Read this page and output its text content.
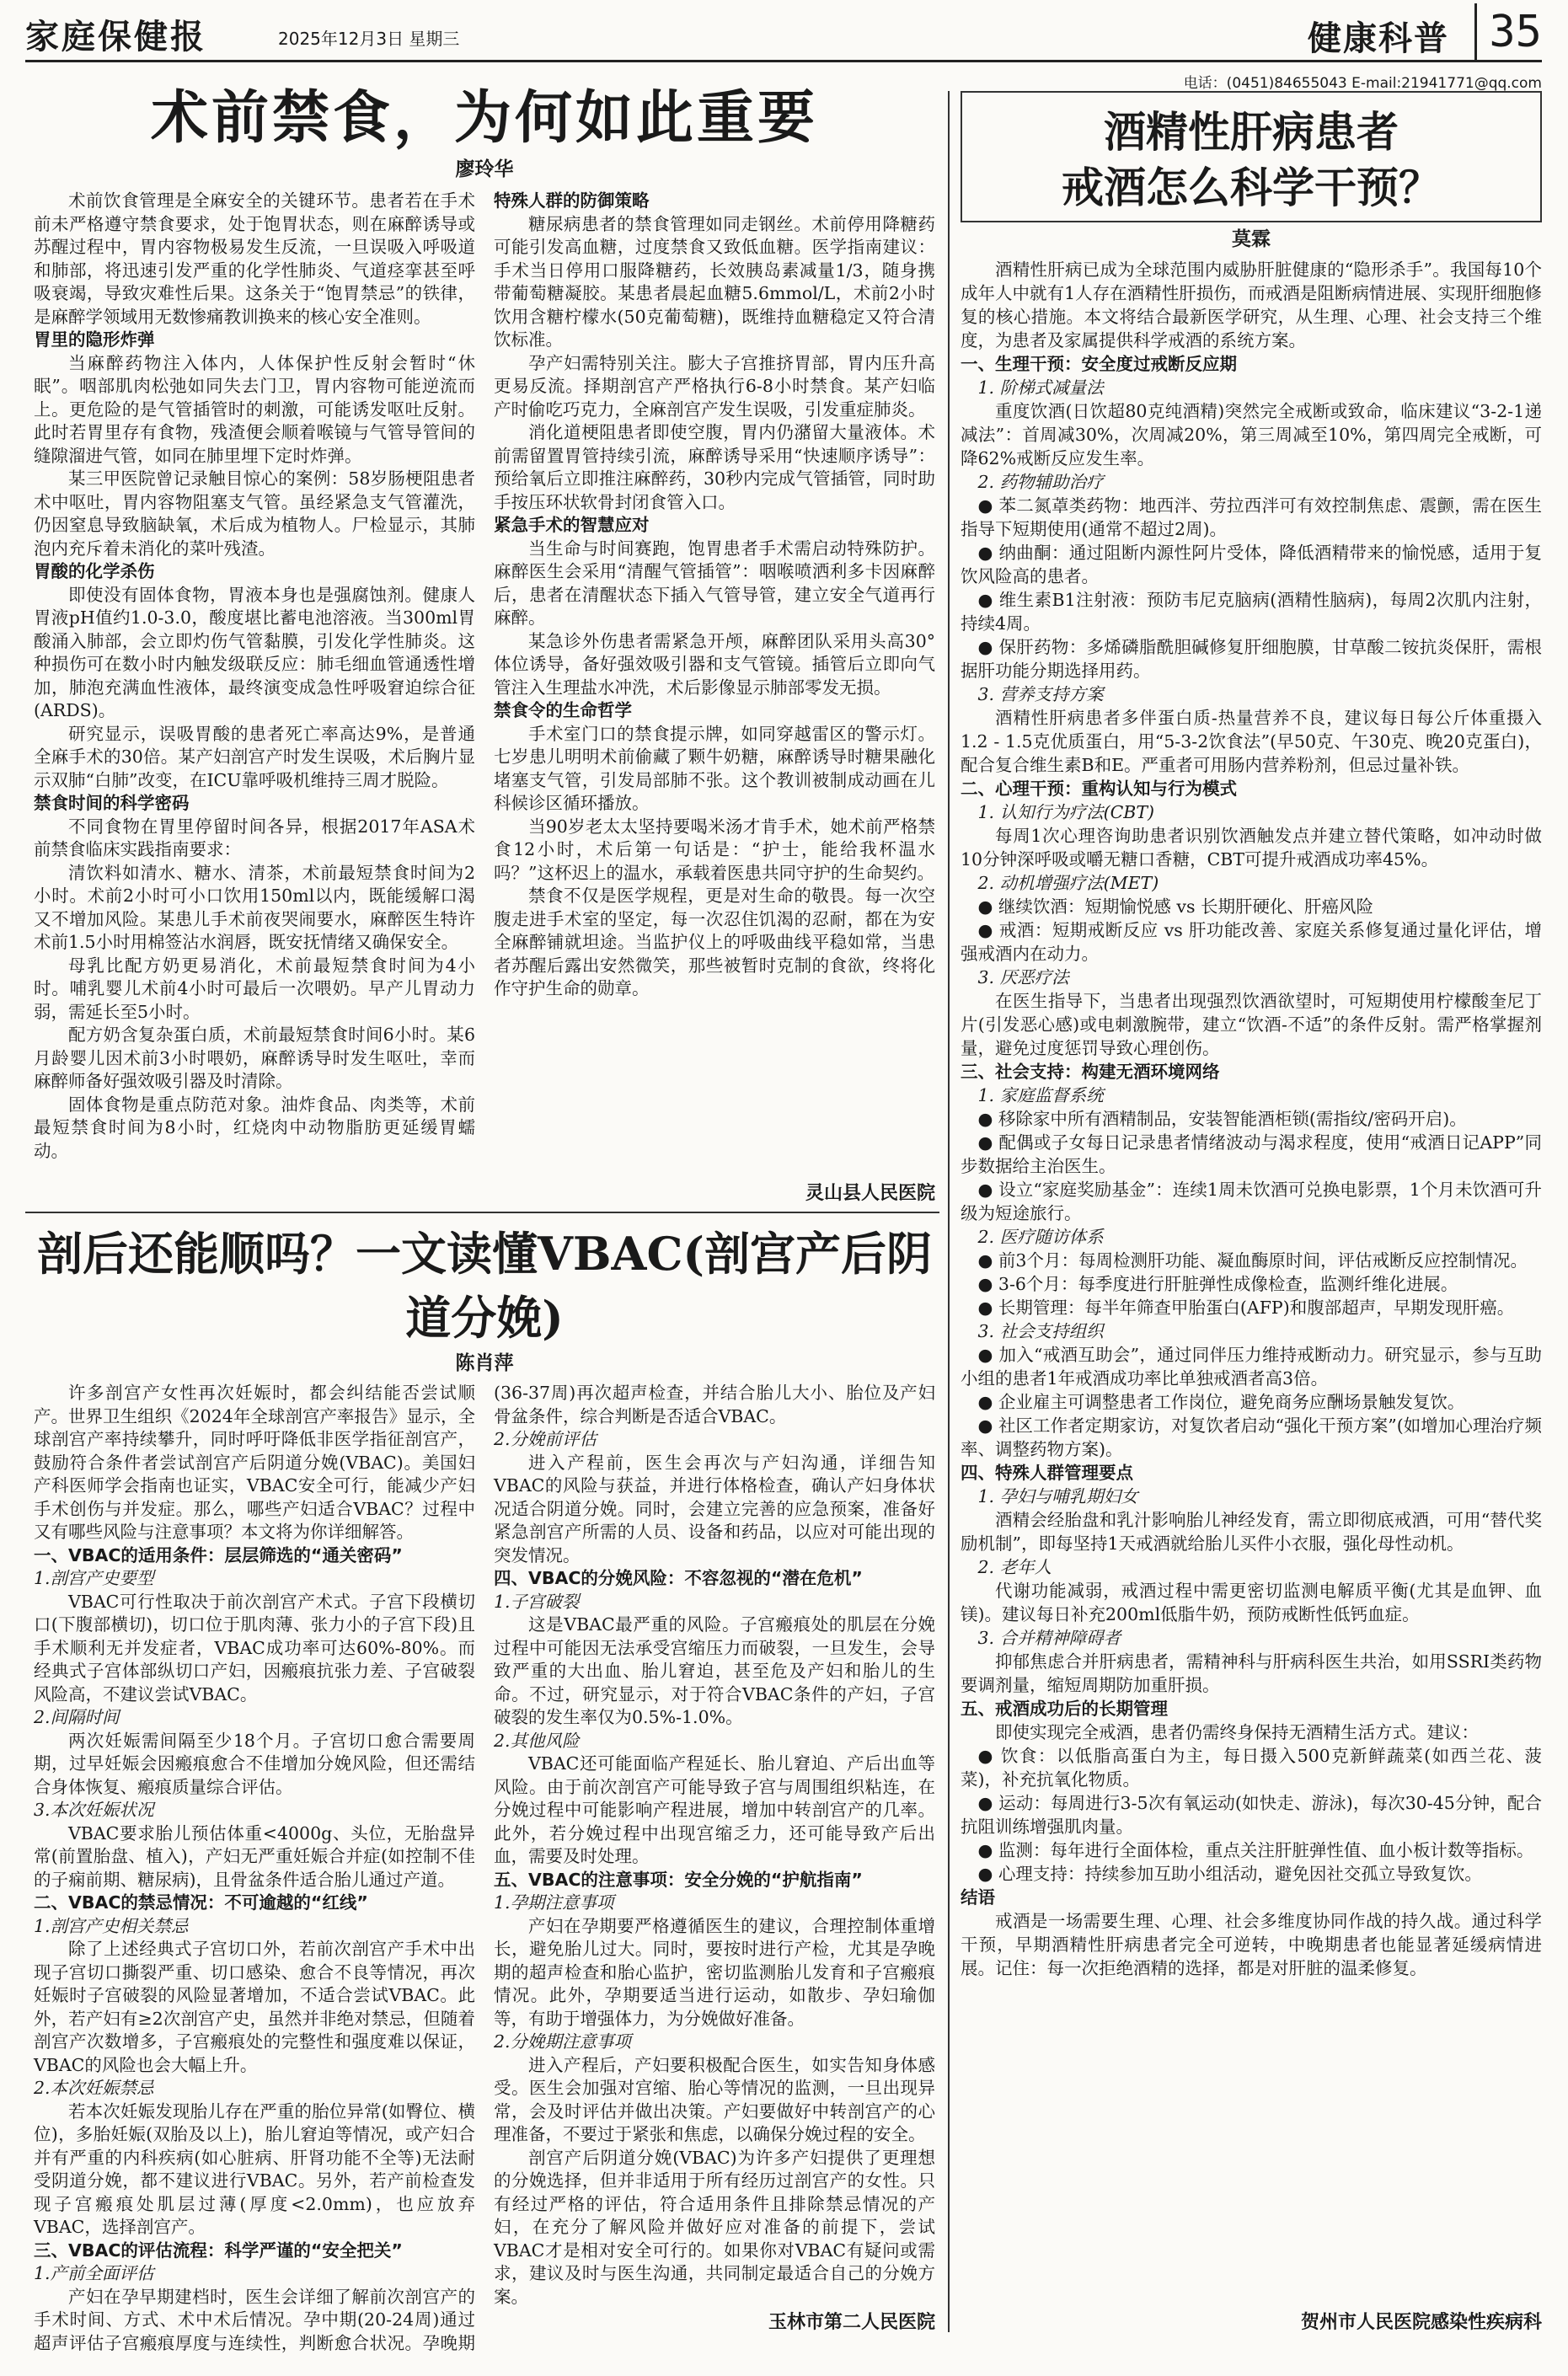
家庭保健报	2025年12月3日 星期三	健康科普 35
电话：(0451)84655043 E-mail:21941771@qq.com
术前禁食，为何如此重要
廖玲华

术前饮食管理是全麻安全的关键环节。患者若在手术前未严格遵守禁食要求，处于饱胃状态，则在麻醉诱导或苏醒过程中，胃内容物极易发生反流，一旦误吸入呼吸道和肺部，将迅速引发严重的化学性肺炎、气道痉挛甚至呼吸衰竭，导致灾难性后果。这条关于“饱胃禁忌”的铁律，是麻醉学领域用无数惨痛教训换来的核心安全准则。

胃里的隐形炸弹

当麻醉药物注入体内，人体保护性反射会暂时“休眠”。咽部肌肉松弛如同失去门卫，胃内容物可能逆流而上。更危险的是气管插管时的刺激，可能诱发呕吐反射。此时若胃里存有食物，残渣便会顺着喉镜与气管导管间的缝隙溜进气管，如同在肺里埋下定时炸弹。

某三甲医院曾记录触目惊心的案例：58岁肠梗阻患者术中呕吐，胃内容物阻塞支气管。虽经紧急支气管灌洗，仍因窒息导致脑缺氧，术后成为植物人。尸检显示，其肺泡内充斥着未消化的菜叶残渣。

胃酸的化学杀伤

即使没有固体食物，胃液本身也是强腐蚀剂。健康人胃液pH值约1.0-3.0，酸度堪比蓄电池溶液。当300ml胃酸涌入肺部，会立即灼伤气管黏膜，引发化学性肺炎。这种损伤可在数小时内触发级联反应：肺毛细血管通透性增加，肺泡充满血性液体，最终演变成急性呼吸窘迫综合征(ARDS)。

研究显示，误吸胃酸的患者死亡率高达9%，是普通全麻手术的30倍。某产妇剖宫产时发生误吸，术后胸片显示双肺“白肺”改变，在ICU靠呼吸机维持三周才脱险。

禁食时间的科学密码

不同食物在胃里停留时间各异，根据2017年ASA术前禁食临床实践指南要求：

清饮料如清水、糖水、清茶，术前最短禁食时间为2小时。术前2小时可小口饮用150ml以内，既能缓解口渴又不增加风险。某患儿手术前夜哭闹要水，麻醉医生特许术前1.5小时用棉签沾水润唇，既安抚情绪又确保安全。

母乳比配方奶更易消化，术前最短禁食时间为4小时。哺乳婴儿术前4小时可最后一次喂奶。早产儿胃动力弱，需延长至5小时。

配方奶含复杂蛋白质，术前最短禁食时间6小时。某6月龄婴儿因术前3小时喂奶，麻醉诱导时发生呕吐，幸而麻醉师备好强效吸引器及时清除。

固体食物是重点防范对象。油炸食品、肉类等，术前最短禁食时间为8小时，红烧肉中动物脂肪更延缓胃蠕动。

特殊人群的防御策略

糖尿病患者的禁食管理如同走钢丝。术前停用降糖药可能引发高血糖，过度禁食又致低血糖。医学指南建议：手术当日停用口服降糖药，长效胰岛素减量1/3，随身携带葡萄糖凝胶。某患者晨起血糖5.6mmol/L，术前2小时饮用含糖柠檬水(50克葡萄糖)，既维持血糖稳定又符合清饮标准。

孕产妇需特别关注。膨大子宫推挤胃部，胃内压升高更易反流。择期剖宫产严格执行6-8小时禁食。某产妇临产时偷吃巧克力，全麻剖宫产发生误吸，引发重症肺炎。

消化道梗阻患者即使空腹，胃内仍潴留大量液体。术前需留置胃管持续引流，麻醉诱导采用“快速顺序诱导”：预给氧后立即推注麻醉药，30秒内完成气管插管，同时助手按压环状软骨封闭食管入口。

紧急手术的智慧应对

当生命与时间赛跑，饱胃患者手术需启动特殊防护。麻醉医生会采用“清醒气管插管”：咽喉喷洒利多卡因麻醉后，患者在清醒状态下插入气管导管，建立安全气道再行麻醉。

某急诊外伤患者需紧急开颅，麻醉团队采用头高30°体位诱导，备好强效吸引器和支气管镜。插管后立即向气管注入生理盐水冲洗，术后影像显示肺部零发无损。

禁食令的生命哲学

手术室门口的禁食提示牌，如同穿越雷区的警示灯。七岁患儿明明术前偷藏了颗牛奶糖，麻醉诱导时糖果融化堵塞支气管，引发局部肺不张。这个教训被制成动画在儿科候诊区循环播放。

当90岁老太太坚持要喝米汤才肯手术，她术前严格禁食12小时，术后第一句话是：“护士，能给我杯温水吗？”这杯迟上的温水，承载着医患共同守护的生命契约。

禁食不仅是医学规程，更是对生命的敬畏。每一次空腹走进手术室的坚定，每一次忍住饥渴的忍耐，都在为安全麻醉铺就坦途。当监护仪上的呼吸曲线平稳如常，当患者苏醒后露出安然微笑，那些被暂时克制的食欲，终将化作守护生命的勋章。

灵山县人民医院
剖后还能顺吗？一文读懂VBAC(剖宫产后阴道分娩)
陈肖萍

许多剖宫产女性再次妊娠时，都会纠结能否尝试顺产。世界卫生组织《2024年全球剖宫产率报告》显示，全球剖宫产率持续攀升，同时呼吁降低非医学指征剖宫产，鼓励符合条件者尝试剖宫产后阴道分娩(VBAC)。美国妇产科医师学会指南也证实，VBAC安全可行，能减少产妇手术创伤与并发症。那么，哪些产妇适合VBAC？过程中又有哪些风险与注意事项？本文将为你详细解答。

一、VBAC的适用条件：层层筛选的“通关密码”

1.剖宫产史要型

VBAC可行性取决于前次剖宫产术式。子宫下段横切口(下腹部横切)，切口位于肌肉薄、张力小的子宫下段)且手术顺利无并发症者，VBAC成功率可达60%-80%。而经典式子宫体部纵切口产妇，因瘢痕抗张力差、子宫破裂风险高，不建议尝试VBAC。

2.间隔时间

两次妊娠需间隔至少18个月。子宫切口愈合需要周期，过早妊娠会因瘢痕愈合不佳增加分娩风险，但还需结合身体恢复、瘢痕质量综合评估。

3.本次妊娠状况

VBAC要求胎儿预估体重<4000g、头位，无胎盘异常(前置胎盘、植入)，产妇无严重妊娠合并症(如控制不佳的子痫前期、糖尿病)，且骨盆条件适合胎儿通过产道。

二、VBAC的禁忌情况：不可逾越的“红线”

1.剖宫产史相关禁忌

除了上述经典式子宫切口外，若前次剖宫产手术中出现子宫切口撕裂严重、切口感染、愈合不良等情况，再次妊娠时子宫破裂的风险显著增加，不适合尝试VBAC。此外，若产妇有≥2次剖宫产史，虽然并非绝对禁忌，但随着剖宫产次数增多，子宫瘢痕处的完整性和强度难以保证，VBAC的风险也会大幅上升。

2.本次妊娠禁忌

若本次妊娠发现胎儿存在严重的胎位异常(如臀位、横位)，多胎妊娠(双胎及以上)，胎儿窘迫等情况，或产妇合并有严重的内科疾病(如心脏病、肝肾功能不全等)无法耐受阴道分娩，都不建议进行VBAC。另外，若产前检查发现子宫瘢痕处肌层过薄(厚度<2.0mm)，也应放弃VBAC，选择剖宫产。

三、VBAC的评估流程：科学严谨的“安全把关”

1.产前全面评估

产妇在孕早期建档时，医生会详细了解前次剖宫产的手术时间、方式、术中术后情况。孕中期(20-24周)通过超声评估子宫瘢痕厚度与连续性，判断愈合状况。孕晚期(36-37周)再次超声检查，并结合胎儿大小、胎位及产妇骨盆条件，综合判断是否适合VBAC。

2.分娩前评估

进入产程前，医生会再次与产妇沟通，详细告知VBAC的风险与获益，并进行体格检查，确认产妇身体状况适合阴道分娩。同时，会建立完善的应急预案，准备好紧急剖宫产所需的人员、设备和药品，以应对可能出现的突发情况。

四、VBAC的分娩风险：不容忽视的“潜在危机”

1.子宫破裂

这是VBAC最严重的风险。子宫瘢痕处的肌层在分娩过程中可能因无法承受宫缩压力而破裂，一旦发生，会导致严重的大出血、胎儿窘迫，甚至危及产妇和胎儿的生命。不过，研究显示，对于符合VBAC条件的产妇，子宫破裂的发生率仅为0.5%-1.0%。

2.其他风险

VBAC还可能面临产程延长、胎儿窘迫、产后出血等风险。由于前次剖宫产可能导致子宫与周围组织粘连，在分娩过程中可能影响产程进展，增加中转剖宫产的几率。此外，若分娩过程中出现宫缩乏力，还可能导致产后出血，需要及时处理。

五、VBAC的注意事项：安全分娩的“护航指南”

1.孕期注意事项

产妇在孕期要严格遵循医生的建议，合理控制体重增长，避免胎儿过大。同时，要按时进行产检，尤其是孕晚期的超声检查和胎心监护，密切监测胎儿发育和子宫瘢痕情况。此外，孕期要适当进行运动，如散步、孕妇瑜伽等，有助于增强体力，为分娩做好准备。

2.分娩期注意事项

进入产程后，产妇要积极配合医生，如实告知身体感受。医生会加强对宫缩、胎心等情况的监测，一旦出现异常，会及时评估并做出决策。产妇要做好中转剖宫产的心理准备，不要过于紧张和焦虑，以确保分娩过程的安全。

剖宫产后阴道分娩(VBAC)为许多产妇提供了更理想的分娩选择，但并非适用于所有经历过剖宫产的女性。只有经过严格的评估，符合适用条件且排除禁忌情况的产妇，在充分了解风险并做好应对准备的前提下，尝试VBAC才是相对安全可行的。如果你对VBAC有疑问或需求，建议及时与医生沟通，共同制定最适合自己的分娩方案。

玉林市第二人民医院
酒精性肝病患者
戒酒怎么科学干预？
莫霖

酒精性肝病已成为全球范围内威胁肝脏健康的“隐形杀手”。我国每10个成年人中就有1人存在酒精性肝损伤，而戒酒是阻断病情进展、实现肝细胞修复的核心措施。本文将结合最新医学研究，从生理、心理、社会支持三个维度，为患者及家属提供科学戒酒的系统方案。

一、生理干预：安全度过戒断反应期

1. 阶梯式减量法

重度饮酒(日饮超80克纯酒精)突然完全戒断或致命，临床建议“3-2-1递减法”：首周减30%，次周减20%，第三周减至10%，第四周完全戒断，可降62%戒断反应发生率。

2. 药物辅助治疗

● 苯二氮䓬类药物：地西泮、劳拉西泮可有效控制焦虑、震颤，需在医生指导下短期使用(通常不超过2周)。

● 纳曲酮：通过阻断内源性阿片受体，降低酒精带来的愉悦感，适用于复饮风险高的患者。

● 维生素B1注射液：预防韦尼克脑病(酒精性脑病)，每周2次肌内注射，持续4周。

● 保肝药物：多烯磷脂酰胆碱修复肝细胞膜，甘草酸二铵抗炎保肝，需根据肝功能分期选择用药。

3. 营养支持方案

酒精性肝病患者多伴蛋白质-热量营养不良，建议每日每公斤体重摄入1.2 - 1.5克优质蛋白，用“5-3-2饮食法”(早50克、午30克、晚20克蛋白)，配合复合维生素B和E。严重者可用肠内营养粉剂，但忌过量补铁。

二、心理干预：重构认知与行为模式

1. 认知行为疗法(CBT)

每周1次心理咨询助患者识别饮酒触发点并建立替代策略，如冲动时做10分钟深呼吸或嚼无糖口香糖，CBT可提升戒酒成功率45%。

2. 动机增强疗法(MET)

● 继续饮酒：短期愉悦感 vs 长期肝硬化、肝癌风险

● 戒酒：短期戒断反应 vs 肝功能改善、家庭关系修复通过量化评估，增强戒酒内在动力。

3. 厌恶疗法

在医生指导下，当患者出现强烈饮酒欲望时，可短期使用柠檬酸奎尼丁片(引发恶心感)或电刺激腕带，建立“饮酒-不适”的条件反射。需严格掌握剂量，避免过度惩罚导致心理创伤。

三、社会支持：构建无酒环境网络

1. 家庭监督系统

● 移除家中所有酒精制品，安装智能酒柜锁(需指纹/密码开启)。

● 配偶或子女每日记录患者情绪波动与渴求程度，使用“戒酒日记APP”同步数据给主治医生。

● 设立“家庭奖励基金”：连续1周未饮酒可兑换电影票，1个月未饮酒可升级为短途旅行。

2. 医疗随访体系

● 前3个月：每周检测肝功能、凝血酶原时间，评估戒断反应控制情况。

● 3-6个月：每季度进行肝脏弹性成像检查，监测纤维化进展。

● 长期管理：每半年筛查甲胎蛋白(AFP)和腹部超声，早期发现肝癌。

3. 社会支持组织

● 加入“戒酒互助会”，通过同伴压力维持戒断动力。研究显示，参与互助小组的患者1年戒酒成功率比单独戒酒者高3倍。

● 企业雇主可调整患者工作岗位，避免商务应酬场景触发复饮。

● 社区工作者定期家访，对复饮者启动“强化干预方案”(如增加心理治疗频率、调整药物方案)。

四、特殊人群管理要点

1. 孕妇与哺乳期妇女

酒精会经胎盘和乳汁影响胎儿神经发育，需立即彻底戒酒，可用“替代奖励机制”，即每坚持1天戒酒就给胎儿买件小衣服，强化母性动机。

2. 老年人

代谢功能减弱，戒酒过程中需更密切监测电解质平衡(尤其是血钾、血镁)。建议每日补充200ml低脂牛奶，预防戒断性低钙血症。

3. 合并精神障碍者

抑郁焦虑合并肝病患者，需精神科与肝病科医生共治，如用SSRI类药物要调剂量，缩短周期防加重肝损。

五、戒酒成功后的长期管理

即使实现完全戒酒，患者仍需终身保持无酒精生活方式。建议：

● 饮食：以低脂高蛋白为主，每日摄入500克新鲜蔬菜(如西兰花、菠菜)，补充抗氧化物质。

● 运动：每周进行3-5次有氧运动(如快走、游泳)，每次30-45分钟，配合抗阻训练增强肌肉量。

● 监测：每年进行全面体检，重点关注肝脏弹性值、血小板计数等指标。

● 心理支持：持续参加互助小组活动，避免因社交孤立导致复饮。

结语

戒酒是一场需要生理、心理、社会多维度协同作战的持久战。通过科学干预，早期酒精性肝病患者完全可逆转，中晚期患者也能显著延缓病情进展。记住：每一次拒绝酒精的选择，都是对肝脏的温柔修复。

贺州市人民医院感染性疾病科
